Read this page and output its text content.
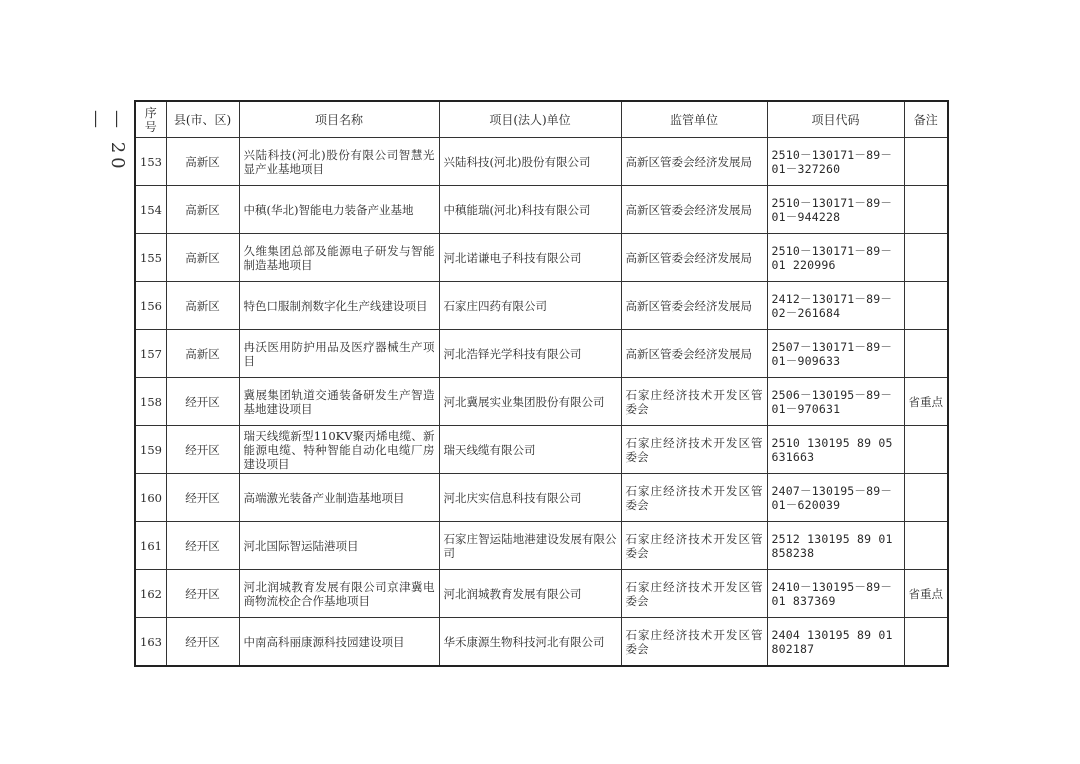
— 20 —	序号	县(市、区)	项目名称	项目(法人)单位	监管单位	项目代码	备注
153	高新区	兴陆科技(河北)股份有限公司智慧光显产业基地项目	兴陆科技(河北)股份有限公司	高新区管委会经济发展局	2510－130171－89－01－327260	
154	高新区	中稹(华北)智能电力装备产业基地	中稹能瑞(河北)科技有限公司	高新区管委会经济发展局	2510－130171－89－01－944228	
155	高新区	久维集团总部及能源电子研发与智能制造基地项目	河北诺谦电子科技有限公司	高新区管委会经济发展局	2510－130171－89－01 220996	
156	高新区	特色口服制剂数字化生产线建设项目	石家庄四药有限公司	高新区管委会经济发展局	2412－130171－89－02－261684	
157	高新区	冉沃医用防护用品及医疗器械生产项目	河北浩铎光学科技有限公司	高新区管委会经济发展局	2507－130171－89－01－909633	
158	经开区	冀展集团轨道交通装备研发生产智造基地建设项目	河北冀展实业集团股份有限公司	石家庄经济技术开发区管委会	2506－130195－89－01－970631	省重点
159	经开区	瑞天线缆新型110KV聚丙烯电缆、新能源电缆、特种智能自动化电缆厂房建设项目	瑞天线缆有限公司	石家庄经济技术开发区管委会	2510 130195 89 05 631663	
160	经开区	高端激光装备产业制造基地项目	河北庆实信息科技有限公司	石家庄经济技术开发区管委会	2407－130195－89－01－620039	
161	经开区	河北国际智运陆港项目	石家庄智运陆地港建设发展有限公司	石家庄经济技术开发区管委会	2512 130195 89 01 858238	
162	经开区	河北润城教育发展有限公司京津冀电商物流校企合作基地项目	河北润城教育发展有限公司	石家庄经济技术开发区管委会	2410－130195－89－01 837369	省重点
163	经开区	中南高科丽康源科技园建设项目	华禾康源生物科技河北有限公司	石家庄经济技术开发区管委会	2404 130195 89 01 802187	
